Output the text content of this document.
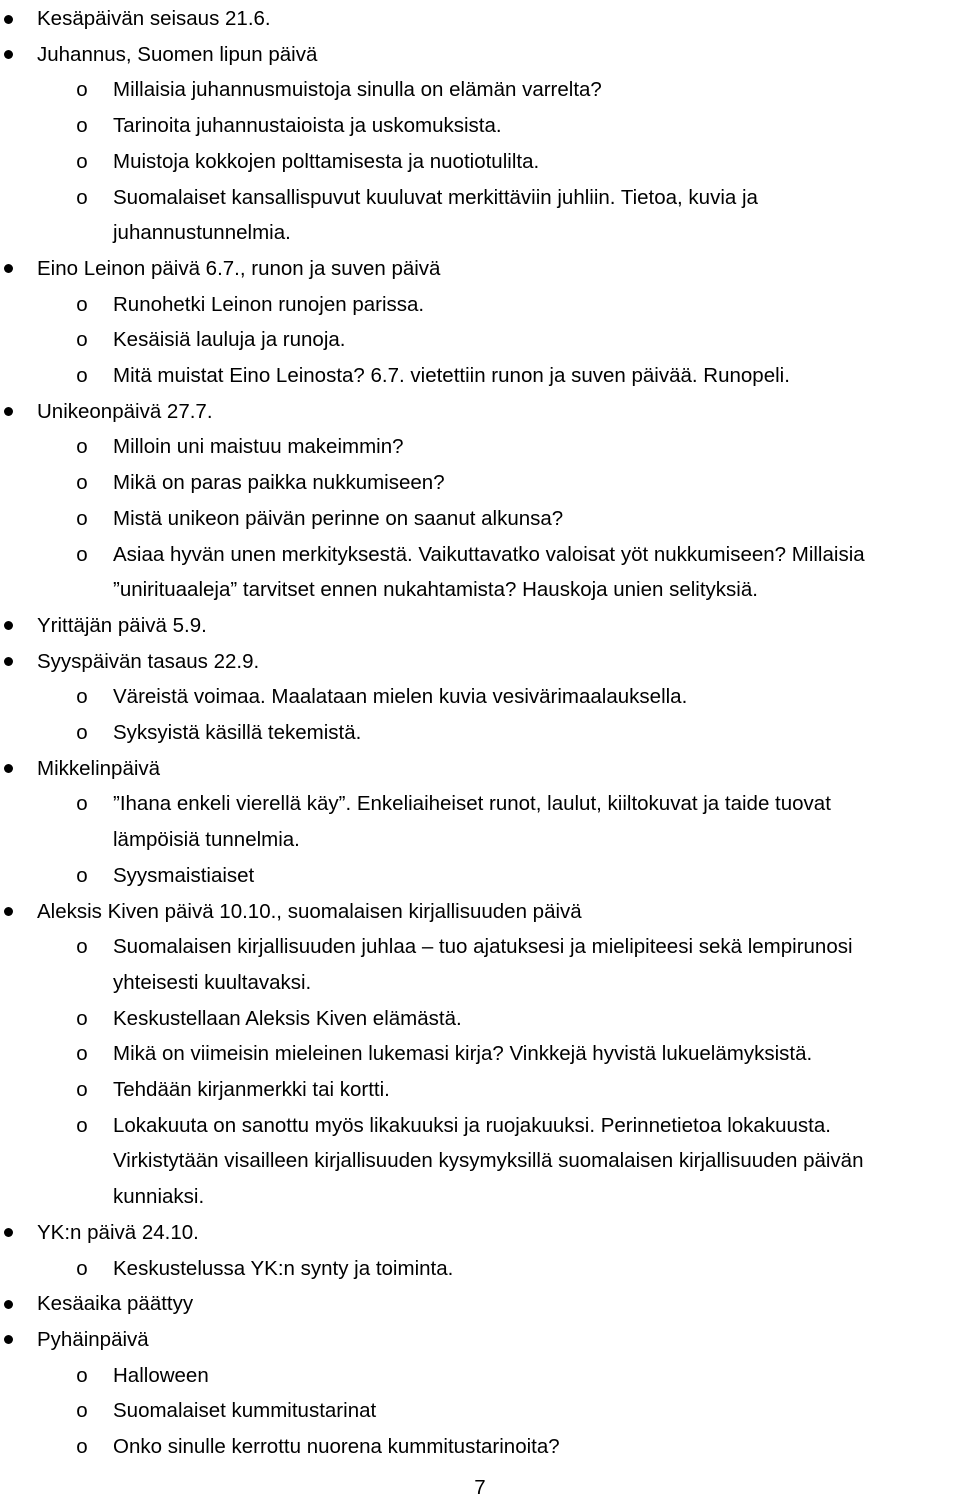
Kesäpäivän seisaus 21.6.
Juhannus, Suomen lipun päivä
o Millaisia juhannusmuistoja sinulla on elämän varrelta?
o Tarinoita juhannustaioista ja uskomuksista.
o Muistoja kokkojen polttamisesta ja nuotiotulilta.
o Suomalaiset kansallispuvut kuuluvat merkittäviin juhliin. Tietoa, kuvia ja
juhannustunnelmia.
Eino Leinon päivä 6.7., runon ja suven päivä
o Runohetki Leinon runojen parissa.
o Kesäisiä lauluja ja runoja.
o Mitä muistat Eino Leinosta? 6.7. vietettiin runon ja suven päivää. Runopeli.
Unikeonpäivä 27.7.
o Milloin uni maistuu makeimmin?
o Mikä on paras paikka nukkumiseen?
o Mistä unikeon päivän perinne on saanut alkunsa?
o Asiaa hyvän unen merkityksestä. Vaikuttavatko valoisat yöt nukkumiseen? Millaisia
”unirituaaleja” tarvitset ennen nukahtamista? Hauskoja unien selityksiä.
Yrittäjän päivä 5.9.
Syyspäivän tasaus 22.9.
o Väreistä voimaa. Maalataan mielen kuvia vesivärimaalauksella.
o Syksyistä käsillä tekemistä.
Mikkelinpäivä
o ”Ihana enkeli vierellä käy”. Enkeliaiheiset runot, laulut, kiiltokuvat ja taide tuovat
lämpöisiä tunnelmia.
o Syysmaistiaiset
Aleksis Kiven päivä 10.10., suomalaisen kirjallisuuden päivä
o Suomalaisen kirjallisuuden juhlaa – tuo ajatuksesi ja mielipiteesi sekä lempirunosi
yhteisesti kuultavaksi.
o Keskustellaan Aleksis Kiven elämästä.
o Mikä on viimeisin mieleinen lukemasi kirja? Vinkkejä hyvistä lukuelämyksistä.
o Tehdään kirjanmerkki tai kortti.
o Lokakuuta on sanottu myös likakuuksi ja ruojakuuksi. Perinnetietoa lokakuusta.
Virkistytään visailleen kirjallisuuden kysymyksillä suomalaisen kirjallisuuden päivän
kunniaksi.
YK:n päivä 24.10.
o Keskustelussa YK:n synty ja toiminta.
Kesäaika päättyy
Pyhäinpäivä
o Halloween
o Suomalaiset kummitustarinat
o Onko sinulle kerrottu nuorena kummitustarinoita?
7
